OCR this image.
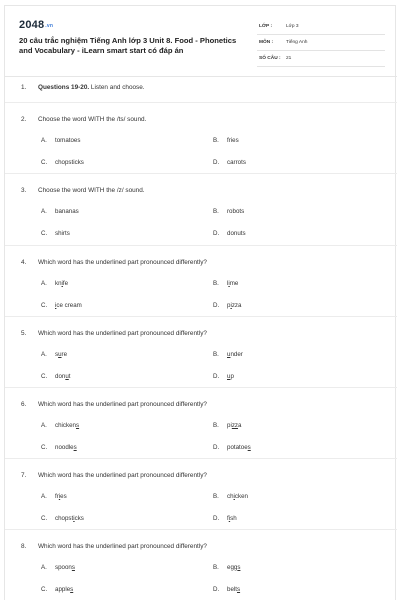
$2048^{.vn}$
20 câu trắc nghiệm Tiếng Anh lớp 3 Unit 8. Food - Phonetics and Vocabulary - iLearn smart start có đáp án
LỚP :	Lớp 3
MÔN :	Tiếng Anh
SỐ CÂU : 21
1. Questions 19-20. Listen and choose.
2. Choose the word WITH the /ts/ sound.
A. tomatoes	B. fries
C. chopsticks	D. carrots
3. Choose the word WITH the /z/ sound.
A. bananas	B. robots
C. shirts	D. donuts
4. Which word has the underlined part pronounced differently?
A. knife	B. lime
C. ice cream	D. pizza
5. Which word has the underlined part pronounced differently?
A. sure	B. under
C. donut	D. up
6. Which word has the underlined part pronounced differently?
A. chickens	B. pizza
C. noodles	D. potatoes
7. Which word has the underlined part pronounced differently?
A. fries	B. chicken
C. chopsticks	D. fish
8. Which word has the underlined part pronounced differently?
A. spoons	B. eggs
C. apples	D. belts
